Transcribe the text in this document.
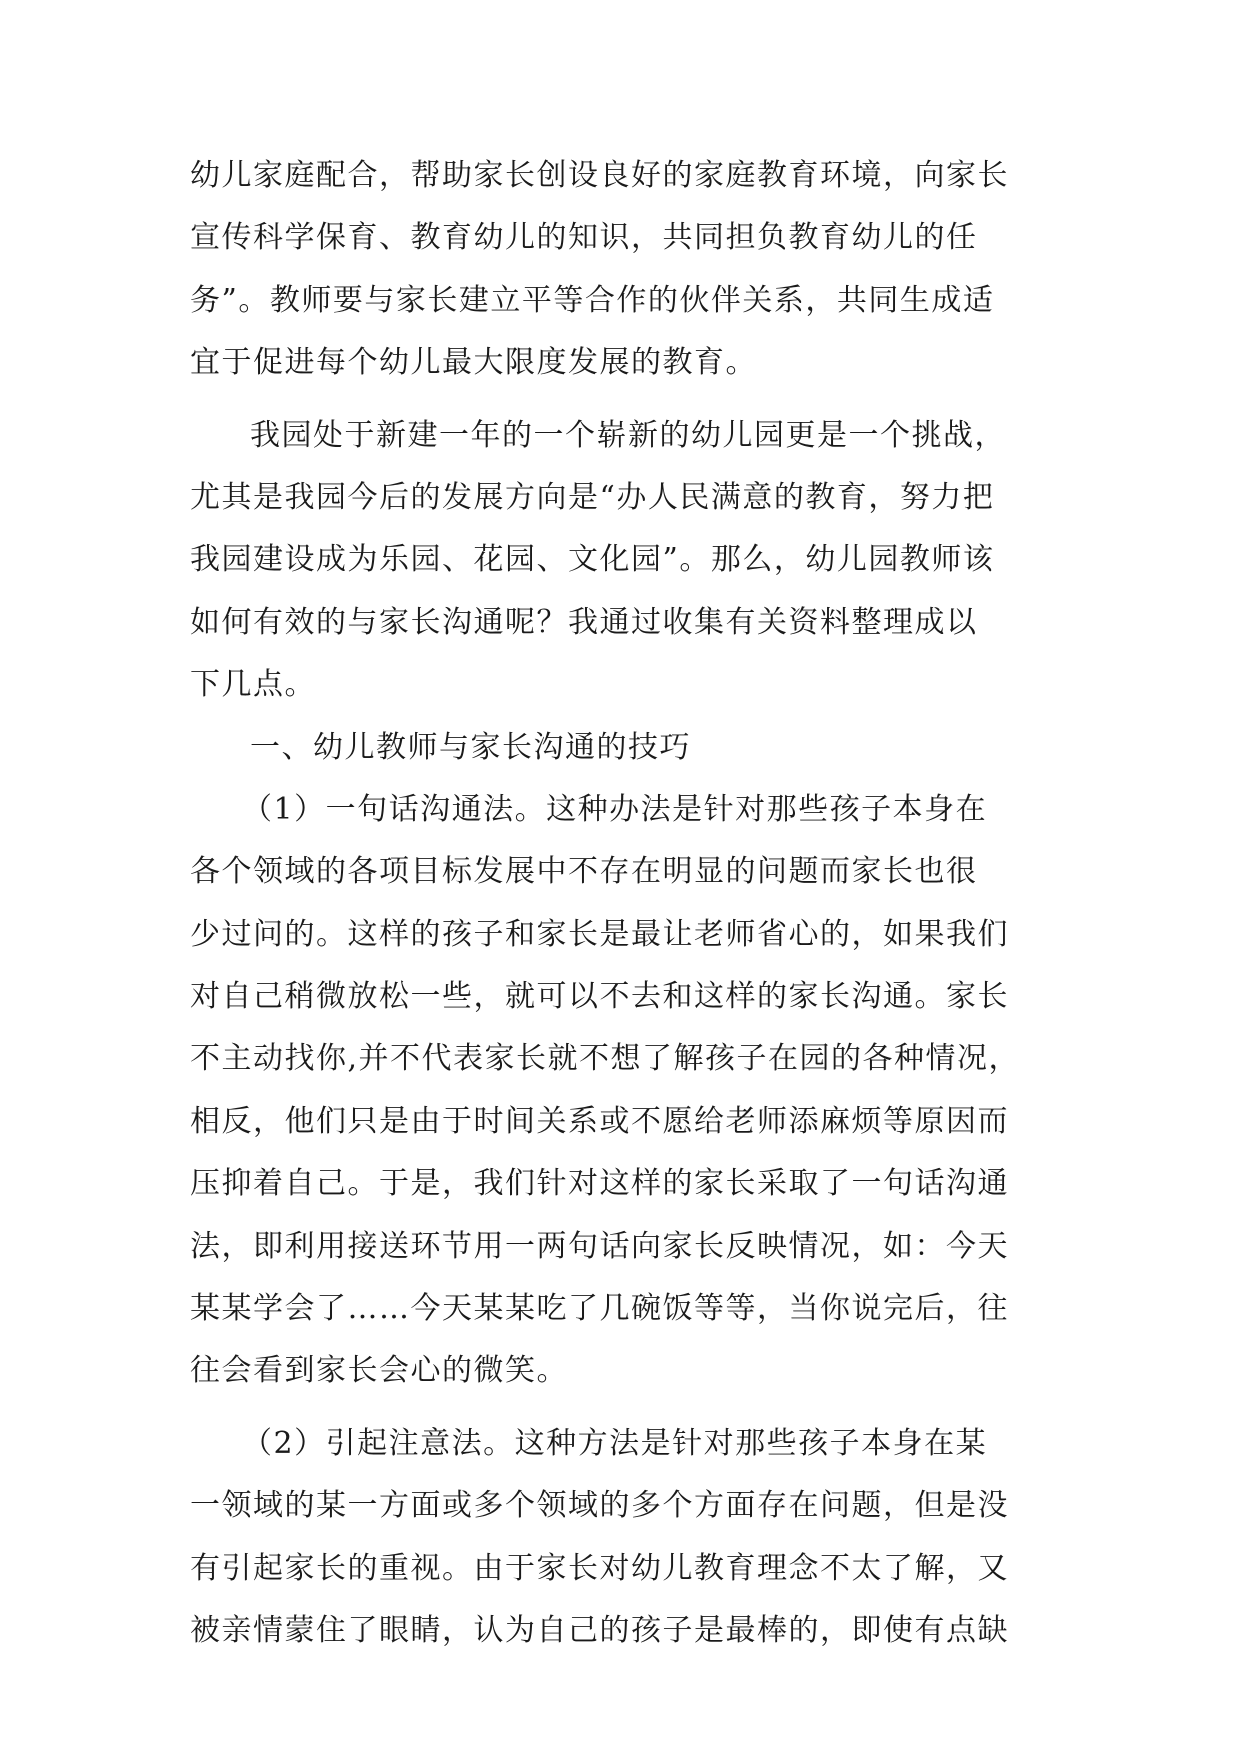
幼儿家庭配合，帮助家长创设良好的家庭教育环境，向家长
宣传科学保育、教育幼儿的知识，共同担负教育幼儿的任
务”。教师要与家长建立平等合作的伙伴关系，共同生成适
宜于促进每个幼儿最大限度发展的教育。
我园处于新建一年的一个崭新的幼儿园更是一个挑战，
尤其是我园今后的发展方向是“办人民满意的教育，努力把
我园建设成为乐园、花园、文化园”。那么，幼儿园教师该
如何有效的与家长沟通呢？我通过收集有关资料整理成以
下几点。
一、幼儿教师与家长沟通的技巧
（1）一句话沟通法。这种办法是针对那些孩子本身在
各个领域的各项目标发展中不存在明显的问题而家长也很
少过问的。这样的孩子和家长是最让老师省心的，如果我们
对自己稍微放松一些，就可以不去和这样的家长沟通。家长
不主动找你,并不代表家长就不想了解孩子在园的各种情况，
相反，他们只是由于时间关系或不愿给老师添麻烦等原因而
压抑着自己。于是，我们针对这样的家长采取了一句话沟通
法，即利用接送环节用一两句话向家长反映情况，如：今天
某某学会了……今天某某吃了几碗饭等等，当你说完后，往
往会看到家长会心的微笑。
（2）引起注意法。这种方法是针对那些孩子本身在某
一领域的某一方面或多个领域的多个方面存在问题，但是没
有引起家长的重视。由于家长对幼儿教育理念不太了解，又
被亲情蒙住了眼睛，认为自己的孩子是最棒的，即使有点缺
